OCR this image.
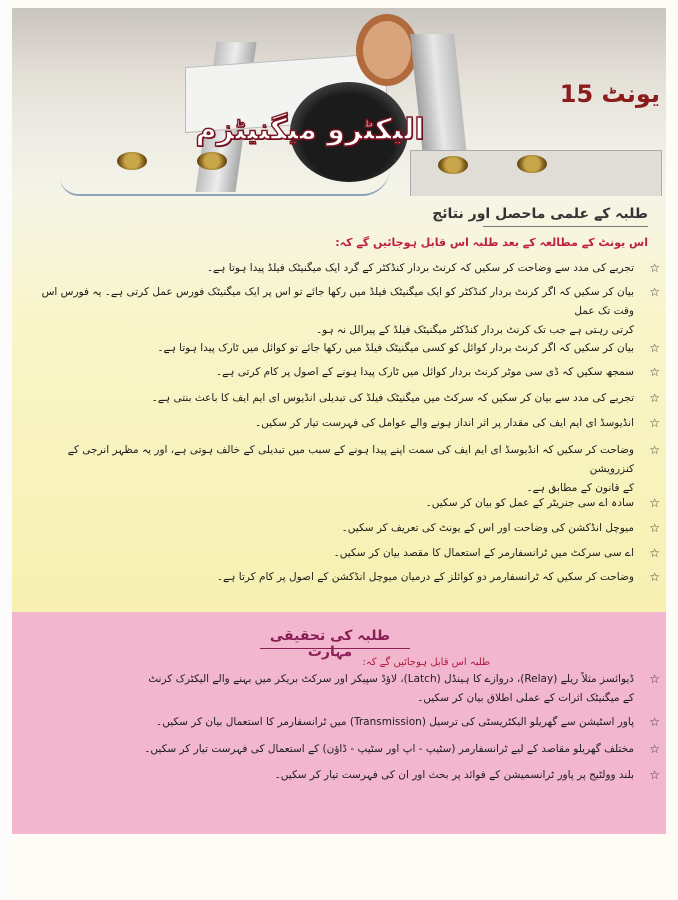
یونٹ 15
الیکٹرو میگنیٹزم
طلبہ کے علمی ماحصل اور نتائج
اس یونٹ کے مطالعہ کے بعد طلبہ اس قابل ہوجائیں گے کہ:
☆
تجربے کی مدد سے وضاحت کر سکیں کہ کرنٹ بردار کنڈکٹر کے گرد ایک میگنیٹک فیلڈ پیدا ہوتا ہے۔
☆
بیان کر سکیں کہ اگر کرنٹ بردار کنڈکٹر کو ایک میگنیٹک فیلڈ میں رکھا جائے تو اس پر ایک میگنیٹک فورس عمل کرتی ہے۔ یہ فورس اس وقت تک عمل
کرتی رہتی ہے جب تک کرنٹ بردار کنڈکٹر میگنیٹک فیلڈ کے پیرالل نہ ہو۔
☆
بیان کر سکیں کہ اگر کرنٹ بردار کوائل کو کسی میگنیٹک فیلڈ میں رکھا جائے تو کوائل میں ٹارک پیدا ہوتا ہے۔
☆
سمجھ سکیں کہ ڈی سی موٹر کرنٹ بردار کوائل میں ٹارک پیدا ہونے کے اصول پر کام کرتی ہے۔
☆
تجربے کی مدد سے بیان کر سکیں کہ سرکٹ میں میگنیٹک فیلڈ کی تبدیلی انڈیوس ای ایم ایف کا باعث بنتی ہے۔
☆
انڈیوسڈ ای ایم ایف کی مقدار پر اثر انداز ہونے والے عوامل کی فہرست تیار کر سکیں۔
☆
وضاحت کر سکیں کہ انڈیوسڈ ای ایم ایف کی سمت اپنے پیدا ہونے کے سبب میں تبدیلی کے خالف ہوتی ہے، اور یہ مظہر انرجی کے کنزرویشن
کے قانون کے مطابق ہے۔
☆
سادہ اے سی جنریٹر کے عمل کو بیان کر سکیں۔
☆
میوچل انڈکشن کی وضاحت اور اس کے یونٹ کی تعریف کر سکیں۔
☆
اے سی سرکٹ میں ٹرانسفارمر کے استعمال کا مقصد بیان کر سکیں۔
☆
وضاحت کر سکیں کہ ٹرانسفارمر دو کوائلز کے درمیان میوچل انڈکشن کے اصول پر کام کرتا ہے۔
طلبہ کی تحقیقی مہارت
طلبہ اس قابل ہوجائیں گے کہ:
☆
ڈیوائسز مثلاً ریلے (Relay)، دروازے کا ہینڈل (Latch)، لاؤڈ سپیکر اور سرکٹ بریکر میں بہنے والے الیکٹرک کرنٹ
کے میگنیٹک اثرات کے عملی اطلاق بیان کر سکیں۔
☆
پاور اسٹیشن سے گھریلو الیکٹریسٹی کی ترسیل (Transmission) میں ٹرانسفارمر کا استعمال بیان کر سکیں۔
☆
مختلف گھریلو مقاصد کے لیے ٹرانسفارمر (سٹیپ - اپ اور سٹیپ - ڈاؤن) کے استعمال کی فہرست تیار کر سکیں۔
☆
بلند وولٹیج پر پاور ٹرانسمیشن کے فوائد پر بحث اور ان کی فہرست تیار کر سکیں۔
